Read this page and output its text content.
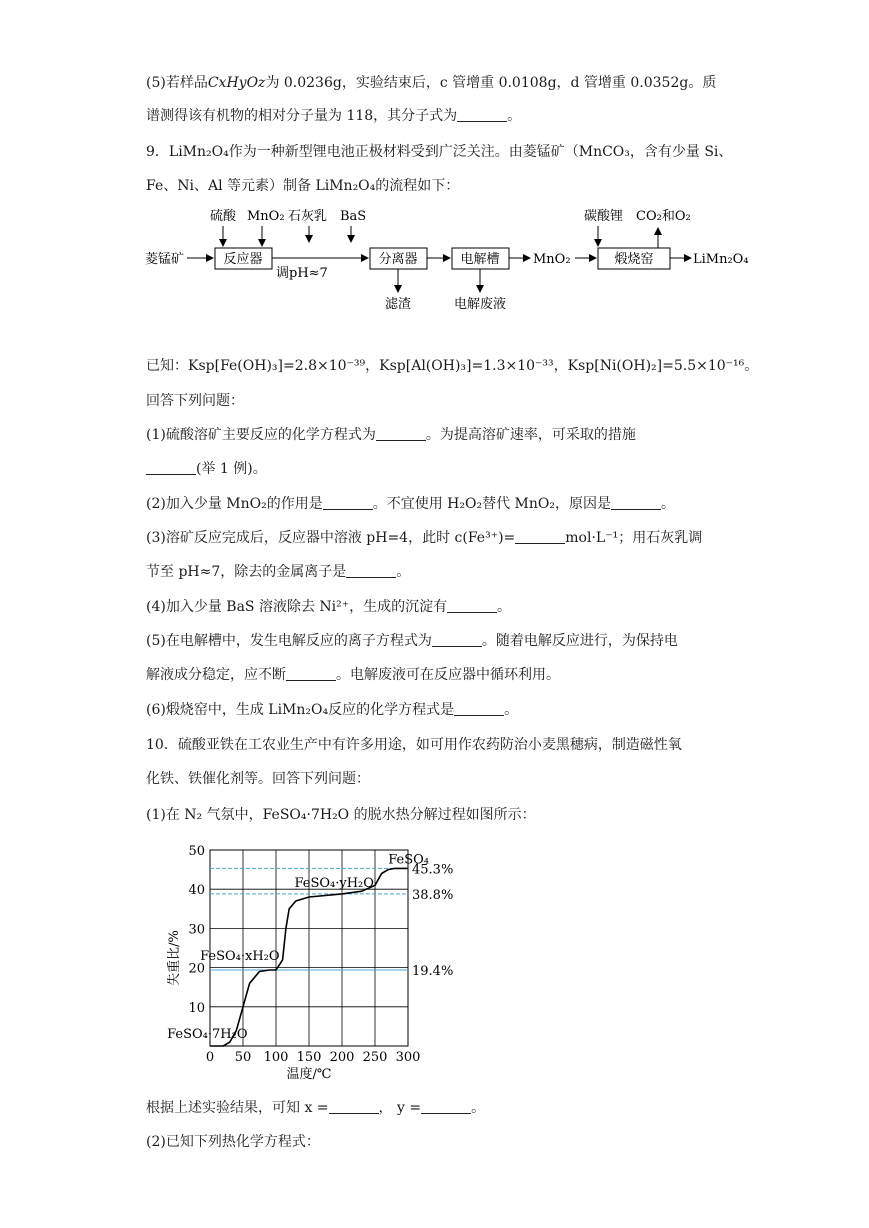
(5)若样品CxHyOz为 0.0236g，实验结束后，c 管增重 0.0108g，d 管增重 0.0352g。质
谱测得该有机物的相对分子量为 118，其分子式为	。
9．LiMn₂O₄作为一种新型锂电池正极材料受到广泛关注。由菱锰矿（MnCO₃，含有少量 Si、
Fe、Ni、Al 等元素）制备 LiMn₂O₄的流程如下：
硫酸 MnO₂ 石灰乳 BaS	碳酸锂 CO₂和O₂
菱锰矿	反应器
调pH≈7
分离器
滤渣
电解槽
电解废液
MnO₂	煅烧窑	LiMn₂O₄
已知：Ksp[Fe(OH)₃]=2.8×10⁻³⁹，Ksp[Al(OH)₃]=1.3×10⁻³³，Ksp[Ni(OH)₂]=5.5×10⁻¹⁶。
回答下列问题：
(1)硫酸溶矿主要反应的化学方程式为	。为提高溶矿速率，可采取的措施
(举 1 例)。
(2)加入少量 MnO₂的作用是	。不宜使用 H₂O₂替代 MnO₂，原因是	。
(3)溶矿反应完成后，反应器中溶液 pH=4，此时 c(Fe³⁺)=	mol·L⁻¹；用石灰乳调
节至 pH≈7，除去的金属离子是	。
(4)加入少量 BaS 溶液除去 Ni²⁺，生成的沉淀有	。
(5)在电解槽中，发生电解反应的离子方程式为	。随着电解反应进行，为保持电
解液成分稳定，应不断	。电解废液可在反应器中循环利用。
(6)煅烧窑中，生成 LiMn₂O₄反应的化学方程式是	。
10．硫酸亚铁在工农业生产中有许多用途，如可用作农药防治小麦黑穗病，制造磁性氧
化铁、铁催化剂等。回答下列问题：
(1)在 N₂ 气氛中，FeSO₄·7H₂O 的脱水热分解过程如图所示：
0 50 100 150 200 250 300
10
20
30
40
50
温度/℃
失重比/%
45.3%
38.8%
19.4%
FeSO₄
FeSO₄·yH₂O
FeSO₄·xH₂O
FeSO₄·7H₂O
根据上述实验结果，可知 x =	， y =	。
(2)已知下列热化学方程式：
